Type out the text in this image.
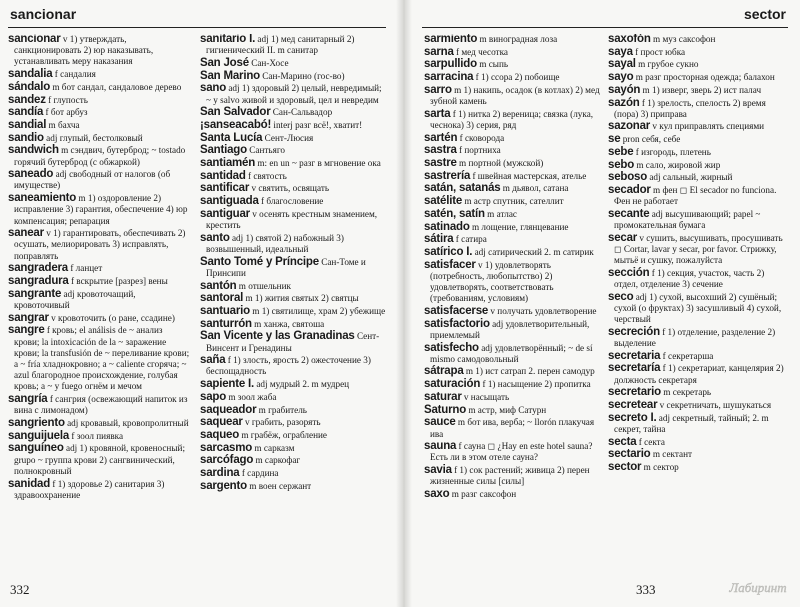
sancionar
sancionar v 1) утверждать, санкционировать 2) юр наказывать, устанавливать меру наказания
sandalia f сандалия
sándalo m бот сандал, сандаловое дерево
sandez f глупость
sandía f бот арбуз
sandial m бахча
sandio adj глупый, бестолковый
sandwich m сэндвич, бутерброд; ~ tostado горячий бутерброд (с обжаркой)
saneado adj свободный от налогов (об имуществе)
saneamiento m 1) оздоровление 2) исправление 3) гарантия, обеспечение 4) юр компенсация; репарация
sanear v 1) гарантировать, обеспечивать 2) осушать, мелиорировать 3) исправлять, поправлять
sangradera f ланцет
sangradura f вскрытие [разрез] вены
sangrante adj кровоточащий, кровоточивый
sangrar v кровоточить (о ране, ссадине)
sangre f кровь; el análisis de ~ анализ крови; la intoxicación de la ~ заражение крови; la transfusión de ~ переливание крови; a ~ fría хладнокровно; a ~ caliente сгоряча; ~ azul благородное происхождение, голубая кровь; a ~ y fuego огнём и мечом
sangría f сангрия (освежающий напиток из вина с лимонадом)
sangriento adj кровавый, кровопролитный
sanguijuela f зоол пиявка
sanguíneo adj 1) кровяной, кровеносный; grupo ~ группа крови 2) сангвинический, полнокровный
sanidad f 1) здоровье 2) санитария 3) здравоохранение
sanitario I. adj 1) мед санитарный 2) гигиенический II. m санитар
San José Сан-Хосе
San Marino Сан-Марино (гос-во)
sano adj 1) здоровый 2) целый, невредимый; ~ y salvo живой и здоровый, цел и невредим
San Salvador Сан-Сальвадор
¡sanseacabó! interj разг всё!, хватит!
Santa Lucía Сент-Люсия
Santiago Сантьяго
santiamén m: en un ~ разг в мгновение ока
santidad f святость
santificar v святить, освящать
santiguada f благословение
santiguar v осенять крестным знамением, крестить
santo adj 1) святой 2) набожный 3) возвышенный, идеальный
Santo Tomé y Príncipe Сан-Томе и Принсипи
santón m отшельник
santoral m 1) жития святых 2) святцы
santuario m 1) святилище, храм 2) убежище
santurrón m ханжа, святоша
San Vicente y las Granadinas Сент-Винсент и Гренадины
saña f 1) злость, ярость 2) ожесточение 3) беспощадность
sapiente I. adj мудрый 2. m мудрец
sapo m зоол жаба
saqueador m грабитель
saquear v грабить, разорять
saqueo m грабёж, ограбление
sarcasmo m сарказм
sarcófago m саркофаг
sardina f сардина
sargento m воен сержант
332
sector
sarmiento m виноградная лоза
sarna f мед чесотка
sarpullido m сыпь
sarracina f 1) ссора 2) побоище
sarro m 1) накипь, осадок (в котлах) 2) мед зубной камень
sarta f 1) нитка 2) вереница; связка (лука, чеснока) 3) серия, ряд
sartén f сковорода
sastra f портниха
sastre m портной (мужской)
sastrería f швейная мастерская, ателье
satán, satanás m дьявол, сатана
satélite m астр спутник, сателлит
satén, satín m атлас
satinado m лощение, глянцевание
sátira f сатира
satírico I. adj сатирический 2. m сатирик
satisfacer v 1) удовлетворять (потребность, любопытство) 2) удовлетворять, соответствовать (требованиям, условиям)
satisfacerse v получать удовлетворение
satisfactorio adj удовлетворительный, приемлемый
satisfecho adj удовлетворённый; ~ de sí mismo самодовольный
sátrapa m 1) ист сатрап 2. перен самодур
saturación f 1) насыщение 2) пропитка
saturar v насыщать
Saturno m астр, миф Сатурн
sauce m бот ива, верба; ~ llorón плакучая ива
sauna f сауна ◻ ¿Hay en este hotel sauna? Есть ли в этом отеле сауна?
savia f 1) сок растений; живица 2) перен жизненные силы [силы]
saxo m разг саксофон
saxofón m муз саксофон
saya f прост юбка
sayal m грубое сукно
sayo m разг просторная одежда; балахон
sayón m 1) изверг, зверь 2) ист палач
sazón f 1) зрелость, спелость 2) время (пора) 3) приправа
sazonar v кул приправлять специями
se pron себя, себе
sebe f изгородь, плетень
sebo m сало, жировой жир
seboso adj сальный, жирный
secador m фен ◻ El secador no funciona. Фен не работает
secante adj высушивающий; papel ~ промокательная бумага
secar v сушить, высушивать, просушивать ◻ Cortar, lavar y secar, por favor. Стрижку, мытьё и сушку, пожалуйста
sección f 1) секция, участок, часть 2) отдел, отделение 3) сечение
seco adj 1) сухой, высохший 2) сушёный; сухой (о фруктах) 3) засушливый 4) сухой, черствый
secreción f 1) отделение, разделение 2) выделение
secretaria f секретарша
secretaría f 1) секретариат, канцелярия 2) должность секретаря
secretario m секретарь
secretear v секретничать, шушукаться
secreto I. adj секретный, тайный; 2. m секрет, тайна
secta f секта
sectario m сектант
sector m сектор
333	Лабиринт
